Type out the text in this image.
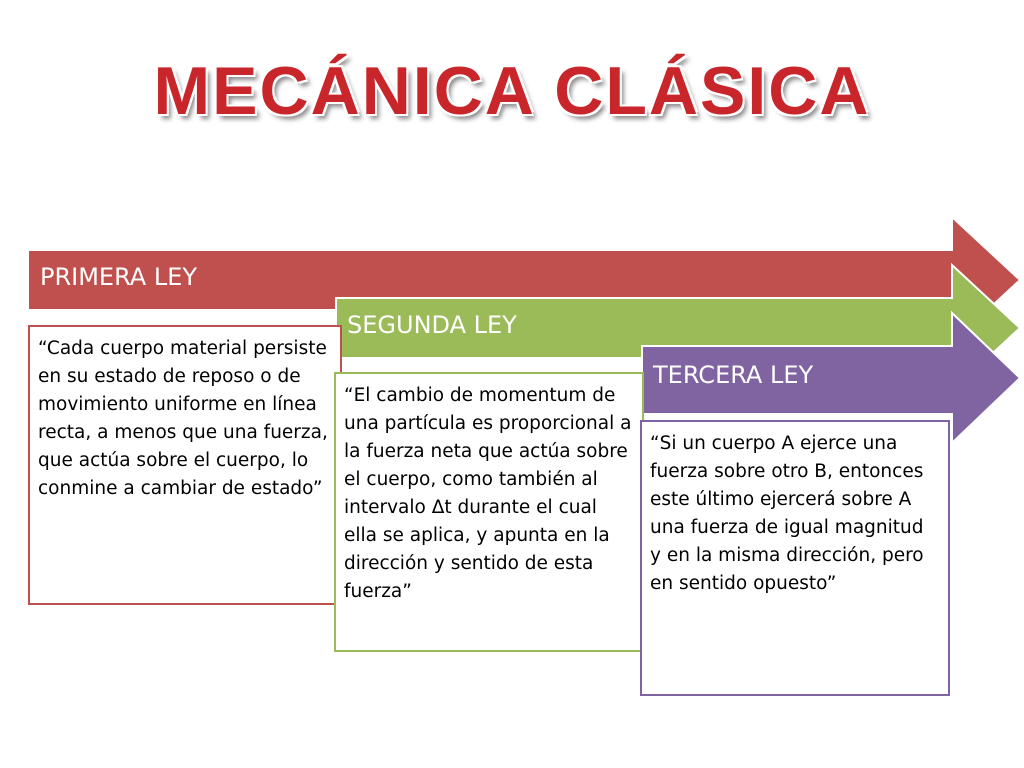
MECÁNICA CLÁSICA
PRIMERA LEY
SEGUNDA LEY
TERCERA LEY
“Cada cuerpo material persiste en su estado de reposo o de movimiento uniforme en línea recta, a menos que una fuerza, que actúa sobre el cuerpo, lo conmine a cambiar de estado”
“El cambio de momentum de una partícula es proporcional a la fuerza neta que actúa sobre el cuerpo, como también al intervalo Δt durante el cual ella se aplica, y apunta en la dirección y sentido de esta fuerza”
“Si un cuerpo A ejerce una fuerza sobre otro B, entonces este último ejercerá sobre A una fuerza de igual magnitud y en la misma dirección, pero en sentido opuesto”
